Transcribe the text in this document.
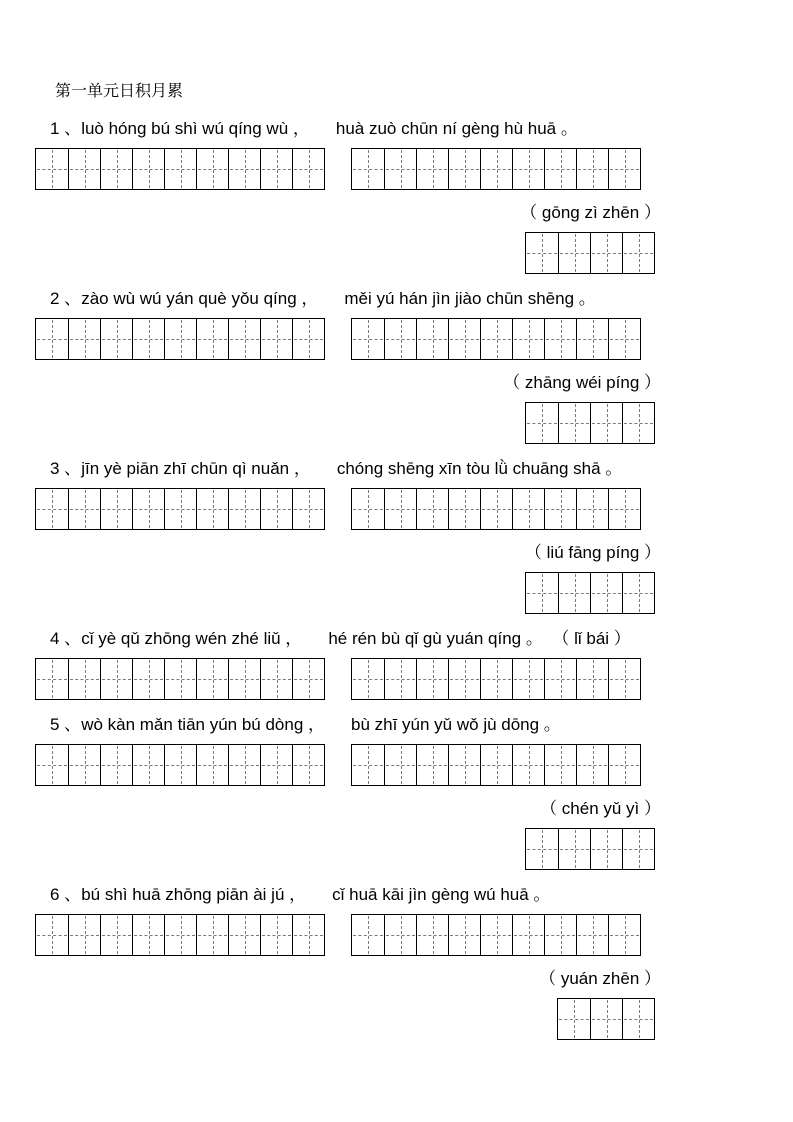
第一单元日积月累

1 、luò hóng bú shì wú qíng wù ， huà zuò chūn ní gèng hù huā 。

（ gōng zì zhēn ）

2 、zào wù wú yán què yǒu qíng ， měi yú hán jìn jiào chūn shēng 。

（ zhāng wéi píng ）

3 、jīn yè piān zhī chūn qì nuǎn ， chóng shēng xīn tòu lǜ chuāng shā 。

（ liú fāng píng ）

4 、cǐ yè qǔ zhōng wén zhé liǔ ， hé rén bù qǐ gù yuán qíng 。 （ lǐ bái ）

5 、wò kàn mǎn tiān yún bú dòng ， bù zhī yún yǔ wǒ jù dōng 。

（ chén yǔ yì ）

6 、bú shì huā zhōng piān ài jú ， cǐ huā kāi jìn gèng wú huā 。

（ yuán zhēn ）
